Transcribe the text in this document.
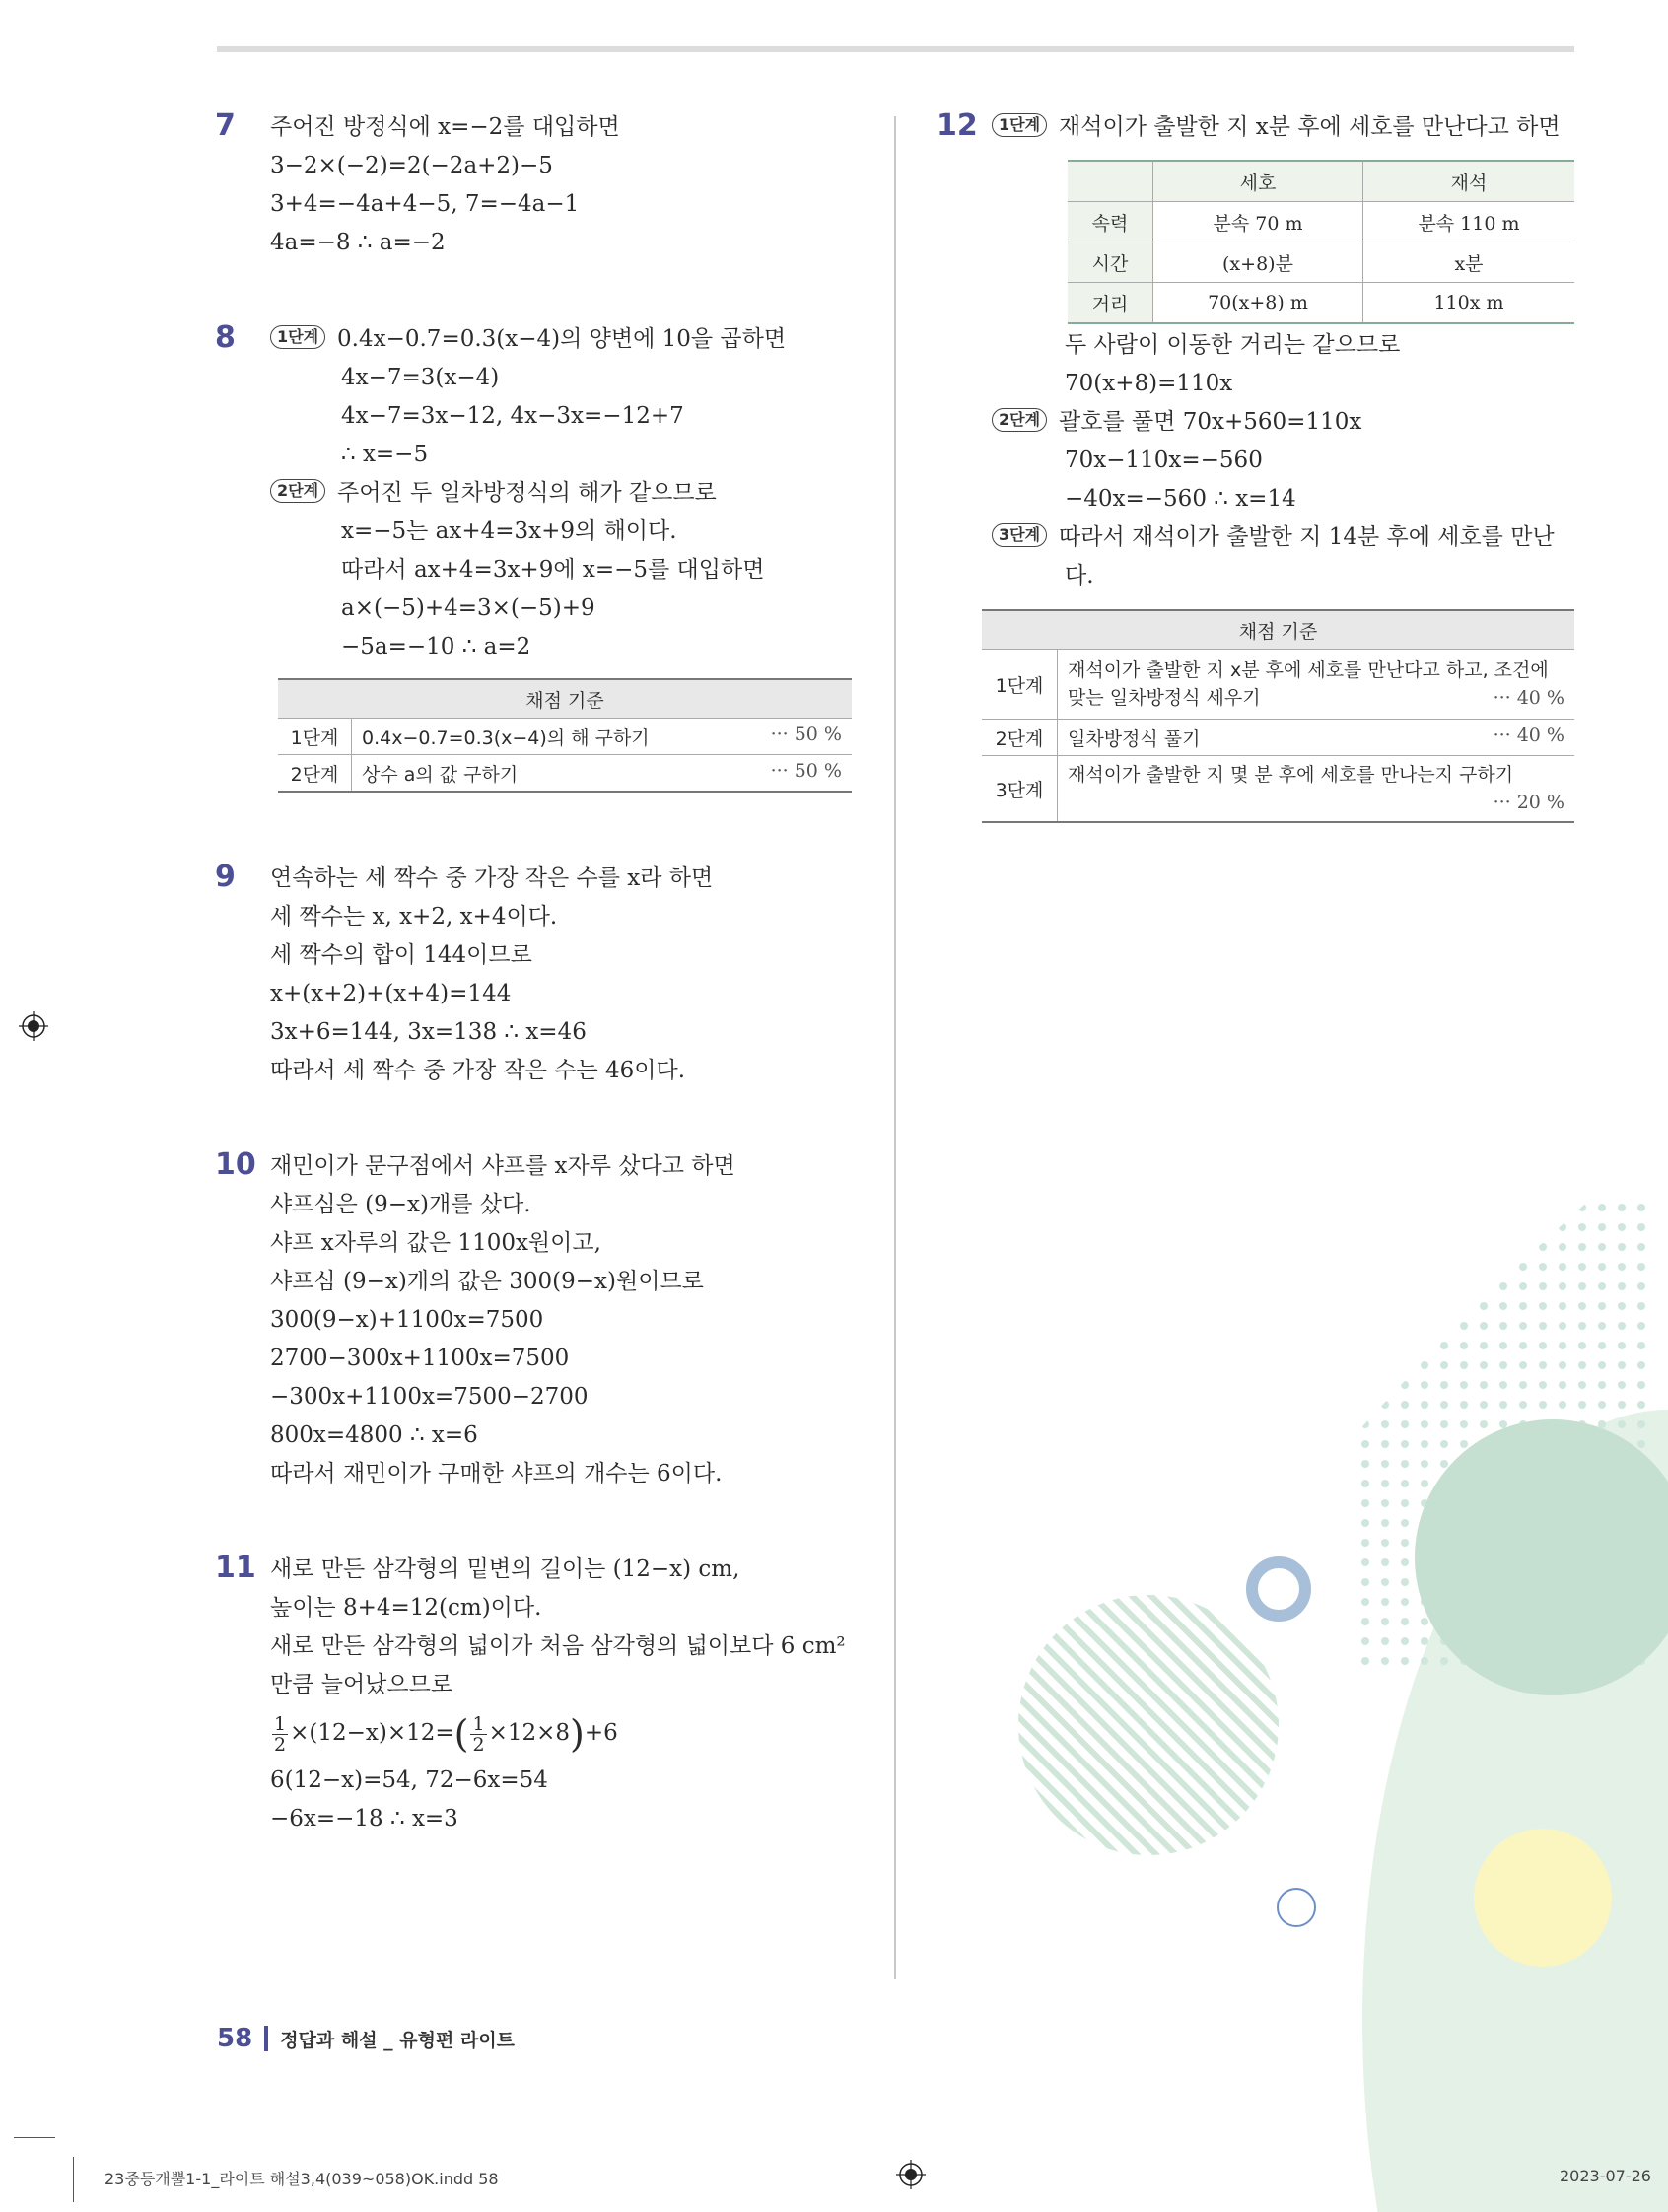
7 주어진 방정식에 x=−2를 대입하면
3−2×(−2)=2(−2a+2)−5
3+4=−4a+4−5, 7=−4a−1
4a=−8 ∴ a=−2
8	1단계 0.4x−0.7=0.3(x−4)의 양변에 10을 곱하면
4x−7=3(x−4)
4x−7=3x−12, 4x−3x=−12+7
∴ x=−5
2단계 주어진 두 일차방정식의 해가 같으므로
x=−5는 ax+4=3x+9의 해이다.
따라서 ax+4=3x+9에 x=−5를 대입하면
a×(−5)+4=3×(−5)+9
−5a=−10 ∴ a=2
채점 기준	
1단계	0.4x−0.7=0.3(x−4)의 해 구하기 ··· 50 %

2단계	상수 a의 값 구하기 ··· 50 %
9 연속하는 세 짝수 중 가장 작은 수를 x라 하면
세 짝수는 x, x+2, x+4이다.
세 짝수의 합이 144이므로
x+(x+2)+(x+4)=144
3x+6=144, 3x=138 ∴ x=46
따라서 세 짝수 중 가장 작은 수는 46이다.
10 재민이가 문구점에서 샤프를 x자루 샀다고 하면
샤프심은 (9−x)개를 샀다.
샤프 x자루의 값은 1100x원이고,
샤프심 (9−x)개의 값은 300(9−x)원이므로
300(9−x)+1100x=7500
2700−300x+1100x=7500
−300x+1100x=7500−2700
800x=4800 ∴ x=6
따라서 재민이가 구매한 샤프의 개수는 6이다.
11 새로 만든 삼각형의 밑변의 길이는 (12−x) cm,
높이는 8+4=12(cm)이다.
새로 만든 삼각형의 넓이가 처음 삼각형의 넓이보다 6 cm²
만큼 늘어났으므로
$\frac{1}{2} \times(12-x)\times 12=( \frac{1}{2} \times 12\times 8)+6$
6(12−x)=54, 72−6x=54
−6x=−18 ∴ x=3
12	1단계 재석이가 출발한 지 x분 후에 세호를 만난다고 하면
	세호	재석
속력	분속 70 m	분속 110 m
시간	(x+8)분	x분
거리	70(x+8) m	110x m
두 사람이 이동한 거리는 같으므로
70(x+8)=110x
2단계 괄호를 풀면 70x+560=110x
70x−110x=−560
−40x=−560 ∴ x=14
3단계 따라서 재석이가 출발한 지 14분 후에 세호를 만난
다.
채점 기준	
1단계	재석이가 출발한 지 x분 후에 세호를 만난다고 하고, 조건에
맞는 일차방정식 세우기 ··· 40 %

2단계	일차방정식 풀기 ··· 40 %

3단계	재석이가 출발한 지 몇 분 후에 세호를 만나는지 구하기
··· 20 %
58 정답과 해설 _ 유형편 라이트
23중등개뿔1-1_라이트 해설3,4(039~058)OK.indd 58	2023-07-26
